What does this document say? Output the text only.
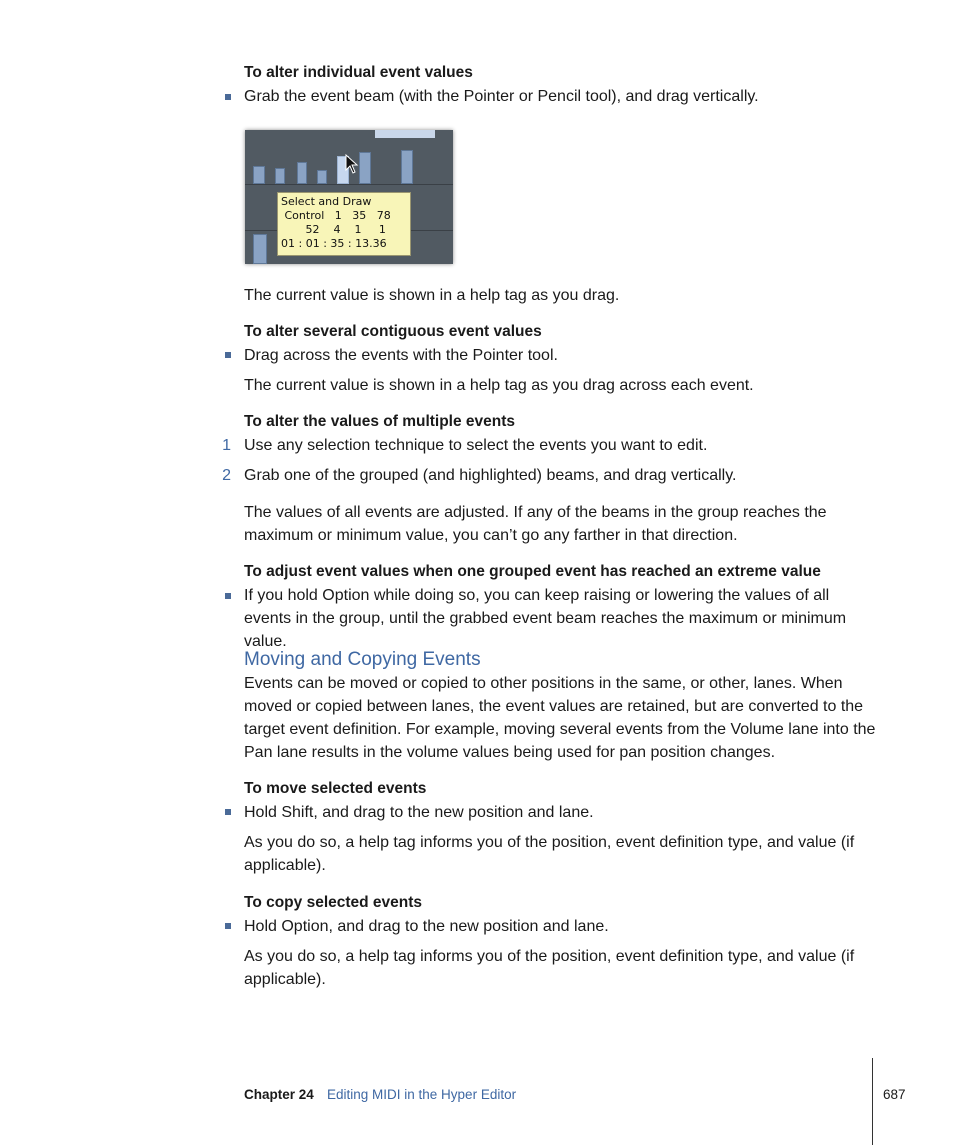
To alter individual event values
Grab the event beam (with the Pointer or Pencil tool), and drag vertically.
Select and Draw
Control   1   35   78
52    4    1     1
01 : 01 : 35 : 13.36
The current value is shown in a help tag as you drag.
To alter several contiguous event values
Drag across the events with the Pointer tool.
The current value is shown in a help tag as you drag across each event.
To alter the values of multiple events
1 Use any selection technique to select the events you want to edit.
2 Grab one of the grouped (and highlighted) beams, and drag vertically.
The values of all events are adjusted. If any of the beams in the group reaches the maximum or minimum value, you can’t go any farther in that direction.
To adjust event values when one grouped event has reached an extreme value
If you hold Option while doing so, you can keep raising or lowering the values of all events in the group, until the grabbed event beam reaches the maximum or minimum value.
Moving and Copying Events
Events can be moved or copied to other positions in the same, or other, lanes. When moved or copied between lanes, the event values are retained, but are converted to the target event definition. For example, moving several events from the Volume lane into the Pan lane results in the volume values being used for pan position changes.
To move selected events
Hold Shift, and drag to the new position and lane.
As you do so, a help tag informs you of the position, event definition type, and value (if applicable).
To copy selected events
Hold Option, and drag to the new position and lane.
As you do so, a help tag informs you of the position, event definition type, and value (if applicable).
Chapter 24 Editing MIDI in the Hyper Editor	687
